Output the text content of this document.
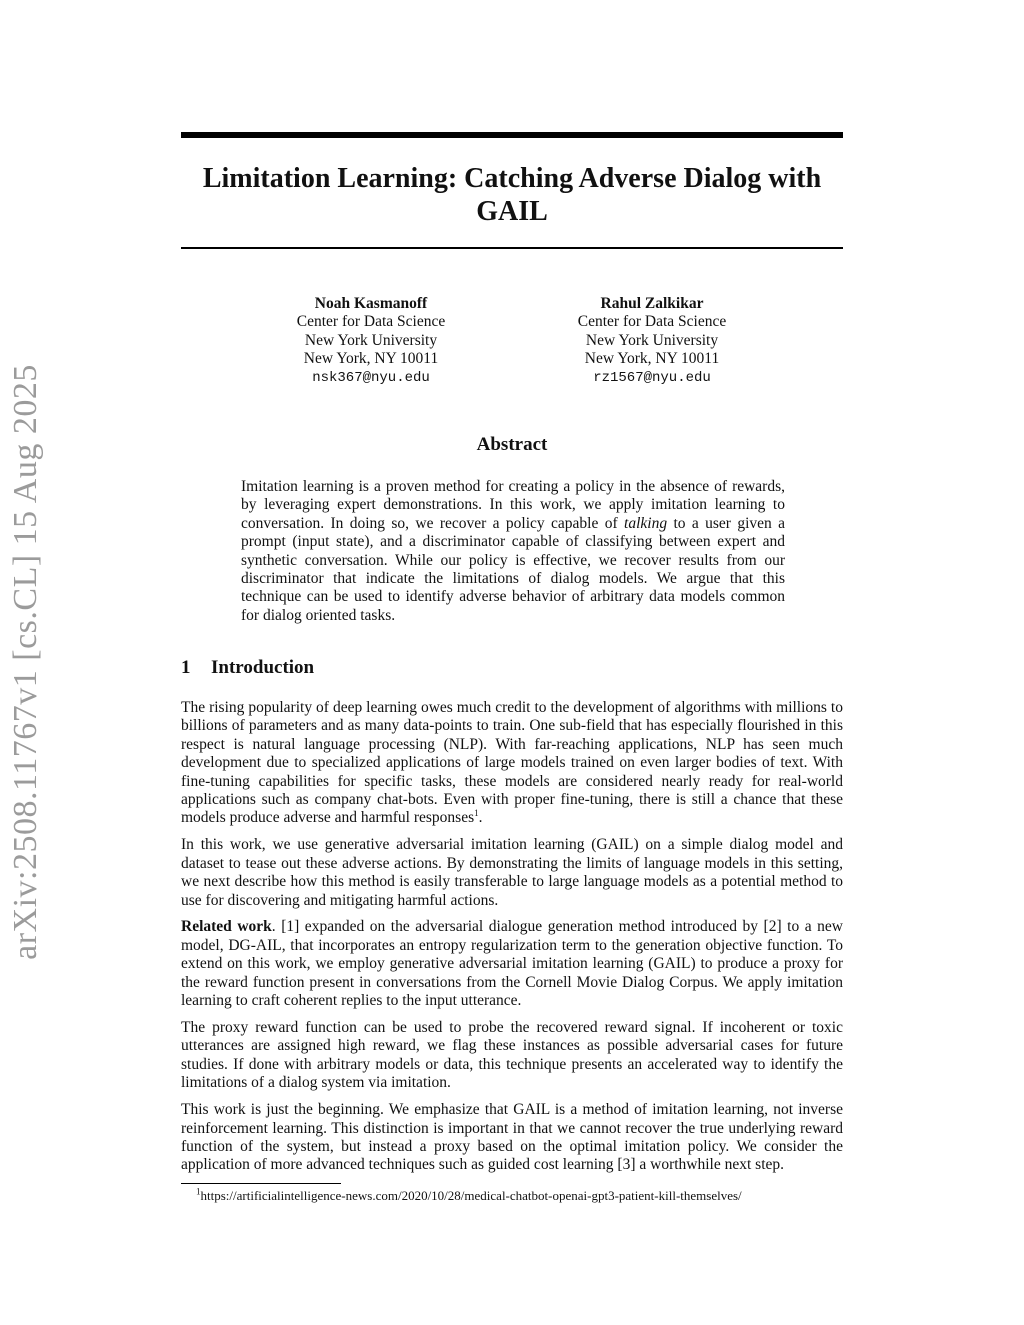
arXiv:2508.11767v1 [cs.CL] 15 Aug 2025
Limitation Learning: Catching Adverse Dialog with GAIL
Noah Kasmanoff
Center for Data Science
New York University
New York, NY 10011
nsk367@nyu.edu
Rahul Zalkikar
Center for Data Science
New York University
New York, NY 10011
rz1567@nyu.edu
Abstract

Imitation learning is a proven method for creating a policy in the absence of rewards, by leveraging expert demonstrations. In this work, we apply imitation learning to conversation. In doing so, we recover a policy capable of talking to a user given a prompt (input state), and a discriminator capable of classifying between expert and synthetic conversation. While our policy is effective, we recover results from our discriminator that indicate the limitations of dialog models. We argue that this technique can be used to identify adverse behavior of arbitrary data models common for dialog oriented tasks.

1 Introduction

The rising popularity of deep learning owes much credit to the development of algorithms with millions to billions of parameters and as many data-points to train. One sub-field that has especially flourished in this respect is natural language processing (NLP). With far-reaching applications, NLP has seen much development due to specialized applications of large models trained on even larger bodies of text. With fine-tuning capabilities for specific tasks, these models are considered nearly ready for real-world applications such as company chat-bots. Even with proper fine-tuning, there is still a chance that these models produce adverse and harmful responses$^1$.

In this work, we use generative adversarial imitation learning (GAIL) on a simple dialog model and dataset to tease out these adverse actions. By demonstrating the limits of language models in this setting, we next describe how this method is easily transferable to large language models as a potential method to use for discovering and mitigating harmful actions.

Related work. [1] expanded on the adversarial dialogue generation method introduced by [2] to a new model, DG-AIL, that incorporates an entropy regularization term to the generation objective function. To extend on this work, we employ generative adversarial imitation learning (GAIL) to produce a proxy for the reward function present in conversations from the Cornell Movie Dialog Corpus. We apply imitation learning to craft coherent replies to the input utterance.

The proxy reward function can be used to probe the recovered reward signal. If incoherent or toxic utterances are assigned high reward, we flag these instances as possible adversarial cases for future studies. If done with arbitrary models or data, this technique presents an accelerated way to identify the limitations of a dialog system via imitation.

This work is just the beginning. We emphasize that GAIL is a method of imitation learning, not inverse reinforcement learning. This distinction is important in that we cannot recover the true underlying reward function of the system, but instead a proxy based on the optimal imitation policy. We consider the application of more advanced techniques such as guided cost learning [3] a worthwhile next step.

$^1$https://artificialintelligence-news.com/2020/10/28/medical-chatbot-openai-gpt3-patient-kill-themselves/
